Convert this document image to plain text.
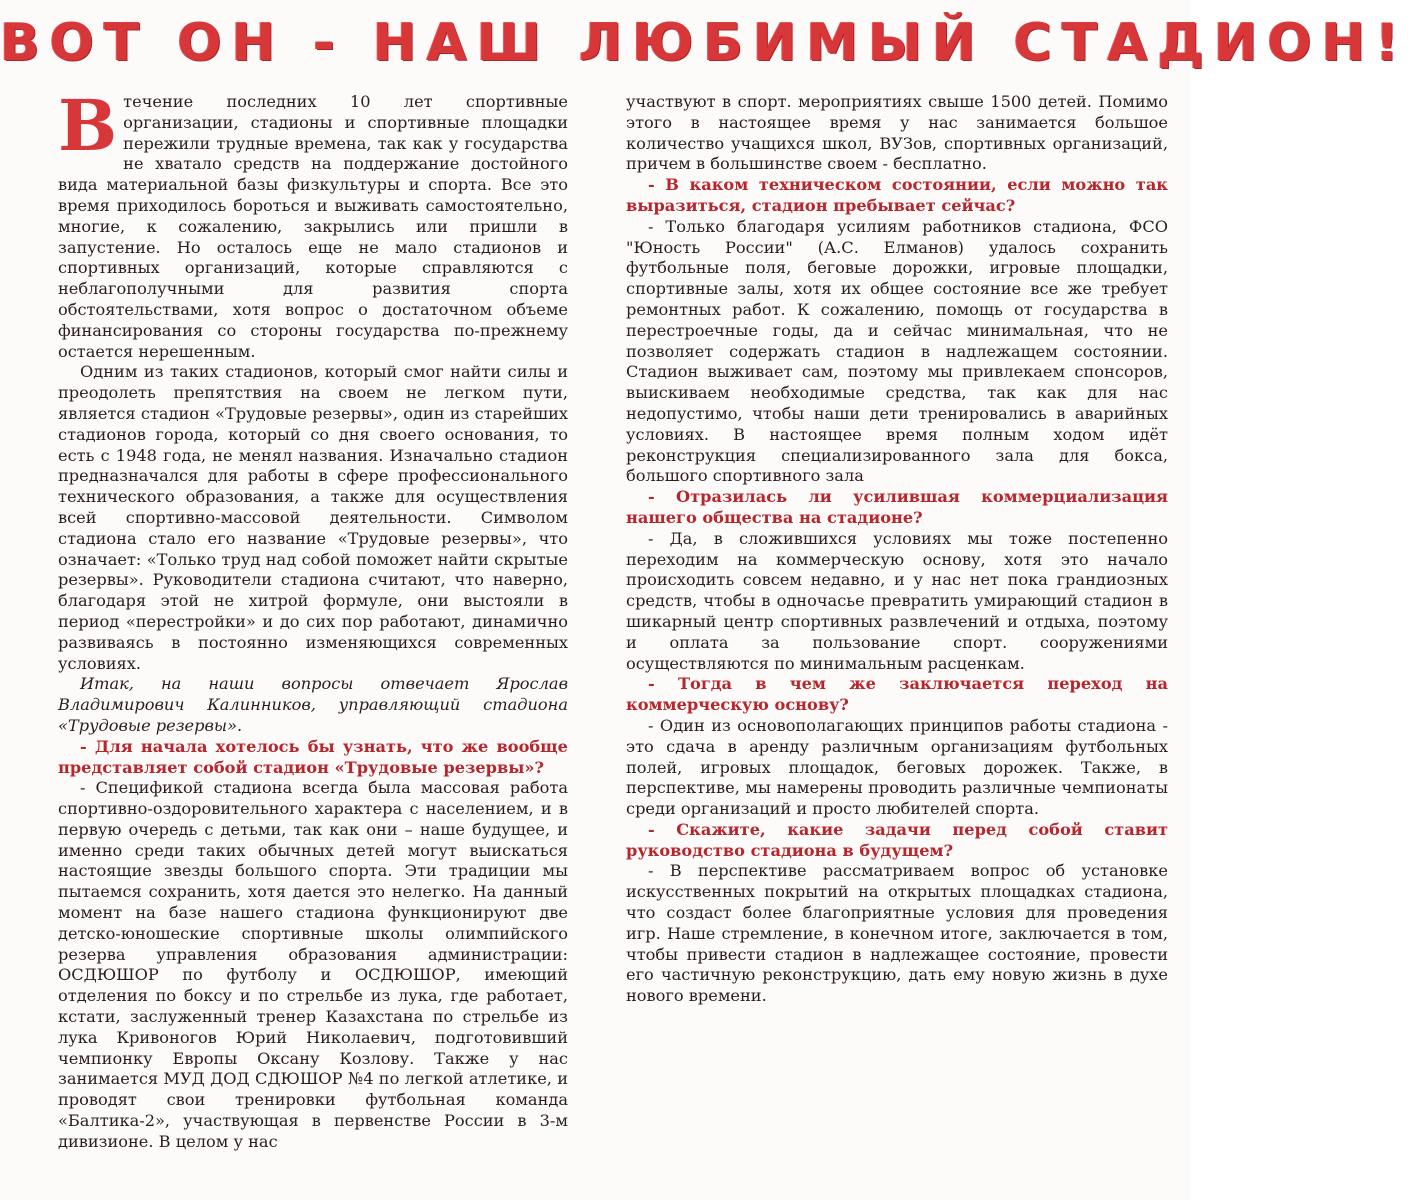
ВОТ ОН - НАШ ЛЮБИМЫЙ СТАДИОН!

Втечение последних 10 лет спортивные организации, стадионы и спортивные площадки пережили трудные времена, так как у государства не хватало средств на поддержание достойного вида материальной базы физкультуры и спорта. Все это время приходилось бороться и выживать самостоятельно, многие, к сожалению, закрылись или пришли в запустение. Но осталось еще не мало стадионов и спортивных организаций, которые справляются с неблагополучными для развития спорта обстоятельствами, хотя вопрос о достаточном объеме финансирования со стороны государства по-прежнему остается нерешенным.

Одним из таких стадионов, который смог найти силы и преодолеть препятствия на своем не легком пути, является стадион «Трудовые резервы», один из старейших стадионов города, который со дня своего основания, то есть с 1948 года, не менял названия. Изначально стадион предназначался для работы в сфере профессионального технического образования, а также для осуществления всей спортивно-массовой деятельности. Символом стадиона стало его название «Трудовые резервы», что означает: «Только труд над собой поможет найти скрытые резервы». Руководители стадиона считают, что наверно, благодаря этой не хитрой формуле, они выстояли в период «перестройки» и до сих пор работают, динамично развиваясь в постоянно изменяющихся современных условиях.

Итак, на наши вопросы отвечает Ярослав Владимирович Калинников, управляющий стадиона «Трудовые резервы».

- Для начала хотелось бы узнать, что же вообще представляет собой стадион «Трудовые резервы»?

- Спецификой стадиона всегда была массовая работа спортивно-оздоровительного характера с населением, и в первую очередь с детьми, так как они – наше будущее, и именно среди таких обычных детей могут выискаться настоящие звезды большого спорта. Эти традиции мы пытаемся сохранить, хотя дается это нелегко. На данный момент на базе нашего стадиона функционируют две детско-юношеские спортивные школы олимпийского резерва управления образования администрации: ОСДЮШОР по футболу и ОСДЮШОР, имеющий отделения по боксу и по стрельбе из лука, где работает, кстати, заслуженный тренер Казахстана по стрельбе из лука Кривоногов Юрий Николаевич, подготовивший чемпионку Европы Оксану Козлову. Также у нас занимается МУД ДОД СДЮШОР №4 по легкой атлетике, и проводят свои тренировки футбольная команда «Балтика-2», участвующая в первенстве России в 3-м дивизионе. В целом у нас

участвуют в спорт. мероприятиях свыше 1500 детей. Помимо этого в настоящее время у нас занимается большое количество учащихся школ, ВУЗов, спортивных организаций, причем в большинстве своем - бесплатно.

- В каком техническом состоянии, если можно так выразиться, стадион пребывает сейчас?

- Только благодаря усилиям работников стадиона, ФСО "Юность России" (А.С. Елманов) удалось сохранить футбольные поля, беговые дорожки, игровые площадки, спортивные залы, хотя их общее состояние все же требует ремонтных работ. К сожалению, помощь от государства в перестроечные годы, да и сейчас минимальная, что не позволяет содержать стадион в надлежащем состоянии. Стадион выживает сам, поэтому мы привлекаем спонсоров, выискиваем необходимые средства, так как для нас недопустимо, чтобы наши дети тренировались в аварийных условиях. В настоящее время полным ходом идёт реконструкция специализированного зала для бокса, большого спортивного зала

- Отразилась ли усилившая коммерциализация нашего общества на стадионе?

- Да, в сложившихся условиях мы тоже постепенно переходим на коммерческую основу, хотя это начало происходить совсем недавно, и у нас нет пока грандиозных средств, чтобы в одночасье превратить умирающий стадион в шикарный центр спортивных развлечений и отдыха, поэтому и оплата за пользование спорт. сооружениями осуществляются по минимальным расценкам.

- Тогда в чем же заключается переход на коммерческую основу?

- Один из основополагающих принципов работы стадиона - это сдача в аренду различным организациям футбольных полей, игровых площадок, беговых дорожек. Также, в перспективе, мы намерены проводить различные чемпионаты среди организаций и просто любителей спорта.

- Скажите, какие задачи перед собой ставит руководство стадиона в будущем?

- В перспективе рассматриваем вопрос об установке искусственных покрытий на открытых площадках стадиона, что создаст более благоприятные условия для проведения игр. Наше стремление, в конечном итоге, заключается в том, чтобы привести стадион в надлежащее состояние, провести его частичную реконструкцию, дать ему новую жизнь в духе нового времени.
